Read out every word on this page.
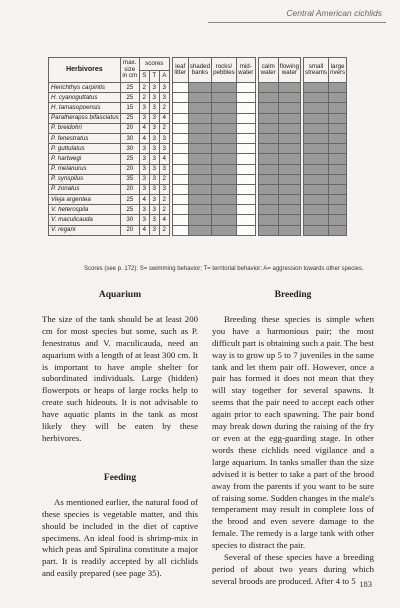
Central American cichlids
Herbivores	max. size in cm	scores				leaf litter	shaded banks	rocks/ pebbles	mid-water		calm water	flowing water		small streams	large rivers
		S	T	A											
Herichthys carpintis	25	2	3	3											
H. cyanoguttatus	25	2	3	3											
H. tamasopoensis	15	3	3	2											
Paratherapss bifasciatus	25	3	3	4											
P. breidohri	20	4	3	2											
P. fenestratus	30	4	3	3											
P. guttulatus	30	3	3	3											
P. hartwegi	25	3	3	4											
P. melanurus	20	3	3	3											
P. synspilus	35	3	3	2											
P. zonatus	20	3	3	3											
Vieja argentea	25	4	3	2											
V. heterospila	25	3	3	2											
V. maculicauda	30	3	3	4											
V. regani	20	4	3	2											
Scores (see p. 172): S= swimming behavior; T= territorial behavior; A= aggression towards other species.
Aquarium

The size of the tank should be at least 200 cm for most species but some, such as P. fenestratus and V. maculicauda, need an aquarium with a length of at least 300 cm. It is important to have ample shelter for subordinated individuals. Large (hidden) flowerpots or heaps of large rocks help to create such hideouts. It is not advisable to have aquatic plants in the tank as most likely they will be eaten by these herbivores.

Feeding

As mentioned earlier, the natural food of these species is vegetable matter, and this should be included in the diet of captive specimens. An ideal food is shrimp-mix in which peas and Spirulina constitute a major part. It is readily accepted by all cichlids and easily prepared (see page 35).

Breeding

Breeding these species is simple when you have a harmonious pair; the most difficult part is obtaining such a pair. The best way is to grow up 5 to 7 juveniles in the same tank and let them pair off. However, once a pair has formed it does not mean that they will stay together for several spawns. It seems that the pair need to accept each other again prior to each spawning. The pair bond may break down during the raising of the fry or even at the egg-guarding stage. In other words these cichlids need vigilance and a large aquarium. In tanks smaller than the size advised it is better to take a part of the brood away from the parents if you want to be sure of raising some. Sudden changes in the male's temperament may result in complete loss of the brood and even severe damage to the female. The remedy is a large tank with other species to distract the pair.

Several of these species have a breeding period of about two years during which several broods are produced. After 4 to 5 183
